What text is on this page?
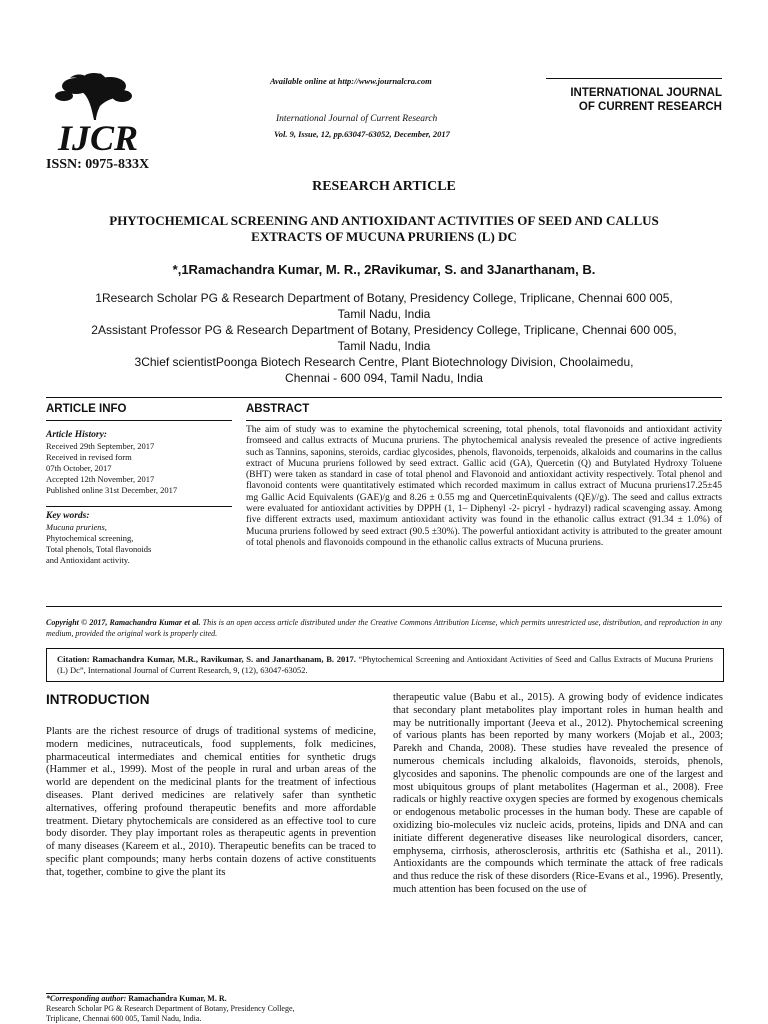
IJCR
ISSN: 0975-833X
Available online at http://www.journalcra.com
International Journal of Current Research
Vol. 9, Issue, 12, pp.63047-63052, December, 2017
INTERNATIONAL JOURNAL
OF CURRENT RESEARCH
RESEARCH ARTICLE
PHYTOCHEMICAL SCREENING AND ANTIOXIDANT ACTIVITIES OF SEED AND CALLUS
EXTRACTS OF MUCUNA PRURIENS (L) DC
*,1Ramachandra Kumar, M. R., 2Ravikumar, S. and 3Janarthanam, B.

1Research Scholar PG & Research Department of Botany, Presidency College, Triplicane, Chennai 600 005,

Tamil Nadu, India

2Assistant Professor PG & Research Department of Botany, Presidency College, Triplicane, Chennai 600 005,

Tamil Nadu, India

3Chief scientistPoonga Biotech Research Centre, Plant Biotechnology Division, Choolaimedu,

Chennai - 600 094, Tamil Nadu, India

ARTICLE INFO	ABSTRACT
Article History:

Received 29th September, 2017

Received in revised form

07th October, 2017

Accepted 12th November, 2017

Published online 31st December, 2017

Key words:

Mucuna pruriens,

Phytochemical screening,

Total phenols, Total flavonoids

and Antioxidant activity.

The aim of study was to examine the phytochemical screening, total phenols, total flavonoids and antioxidant activity fromseed and callus extracts of Mucuna pruriens. The phytochemical analysis revealed the presence of active ingredients such as Tannins, saponins, steroids, cardiac glycosides, phenols, flavonoids, terpenoids, alkaloids and coumarins in the callus extract of Mucuna pruriens followed by seed extract. Gallic acid (GA), Quercetin (Q) and Butylated Hydroxy Toluene (BHT) were taken as standard in case of total phenol and Flavonoid and antioxidant activity respectively. Total phenol and flavonoid contents were quantitatively estimated which recorded maximum in callus extract of Mucuna pruriens17.25±45 mg Gallic Acid Equivalents (GAE)/g and 8.26 ± 0.55 mg and QuercetinEquivalents (QE)//g). The seed and callus extracts were evaluated for antioxidant activities by DPPH (1, 1– Diphenyl -2- picryl - hydrazyl) radical scavenging assay. Among five different extracts used, maximum antioxidant activity was found in the ethanolic callus extract (91.34 ± 1.0%) of Mucuna pruriens followed by seed extract (90.5 ±30%). The powerful antioxidant activity is attributed to the greater amount of total phenols and flavonoids compound in the ethanolic callus extracts of Mucuna pruriens.
Copyright © 2017, Ramachandra Kumar et al. This is an open access article distributed under the Creative Commons Attribution License, which permits unrestricted use, distribution, and reproduction in any medium, provided the original work is properly cited.
Citation: Ramachandra Kumar, M.R., Ravikumar, S. and Janarthanam, B. 2017. “Phytochemical Screening and Antioxidant Activities of Seed and Callus Extracts of Mucuna Pruriens (L) Dc”, International Journal of Current Research, 9, (12), 63047-63052.
INTRODUCTION
Plants are the richest resource of drugs of traditional systems of medicine, modern medicines, nutraceuticals, food supplements, folk medicines, pharmaceutical intermediates and chemical entities for synthetic drugs (Hammer et al., 1999). Most of the people in rural and urban areas of the world are dependent on the medicinal plants for the treatment of infectious diseases. Plant derived medicines are relatively safer than synthetic alternatives, offering profound therapeutic benefits and more affordable treatment. Dietary phytochemicals are considered as an effective tool to cure body disorder. They play important roles as therapeutic agents in prevention of many diseases (Kareem et al., 2010). Therapeutic benefits can be traced to specific plant compounds; many herbs contain dozens of active constituents that, together, combine to give the plant its
therapeutic value (Babu et al., 2015). A growing body of evidence indicates that secondary plant metabolites play important roles in human health and may be nutritionally important (Jeeva et al., 2012). Phytochemical screening of various plants has been reported by many workers (Mojab et al., 2003; Parekh and Chanda, 2008). These studies have revealed the presence of numerous chemicals including alkaloids, flavonoids, steroids, phenols, glycosides and saponins. The phenolic compounds are one of the largest and most ubiquitous groups of plant metabolites (Hagerman et al., 2008). Free radicals or highly reactive oxygen species are formed by exogenous chemicals or endogenous metabolic processes in the human body. These are capable of oxidizing bio-molecules viz nucleic acids, proteins, lipids and DNA and can initiate different degenerative diseases like neurological disorders, cancer, emphysema, cirrhosis, atherosclerosis, arthritis etc (Sathisha et al., 2011). Antioxidants are the compounds which terminate the attack of free radicals and thus reduce the risk of these disorders (Rice-Evans et al., 1996). Presently, much attention has been focused on the use of
*Corresponding author: Ramachandra Kumar, M. R.
Research Scholar PG & Research Department of Botany, Presidency College,
Triplicane, Chennai 600 005, Tamil Nadu, India.
